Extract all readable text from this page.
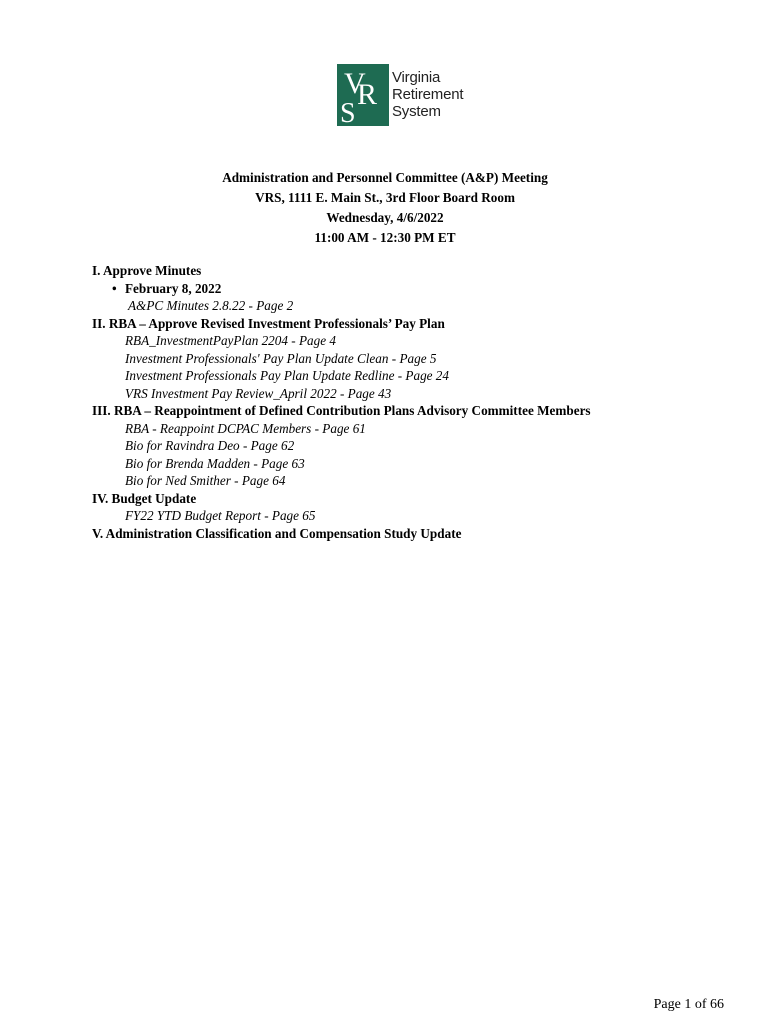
V
R
S
Virginia
Retirement
System
Administration and Personnel Committee (A&P) Meeting
VRS, 1111 E. Main St., 3rd Floor Board Room
Wednesday, 4/6/2022
11:00 AM - 12:30 PM ET
I. Approve Minutes
• February 8, 2022
A&PC Minutes 2.8.22 - Page 2
II. RBA – Approve Revised Investment Professionals’ Pay Plan
RBA_InvestmentPayPlan 2204 - Page 4
Investment Professionals' Pay Plan Update Clean - Page 5
Investment Professionals Pay Plan Update Redline - Page 24
VRS Investment Pay Review_April 2022 - Page 43
III. RBA – Reappointment of Defined Contribution Plans Advisory Committee Members
RBA - Reappoint DCPAC Members - Page 61
Bio for Ravindra Deo - Page 62
Bio for Brenda Madden - Page 63
Bio for Ned Smither - Page 64
IV. Budget Update
FY22 YTD Budget Report - Page 65
V. Administration Classification and Compensation Study Update
Page 1 of 66
